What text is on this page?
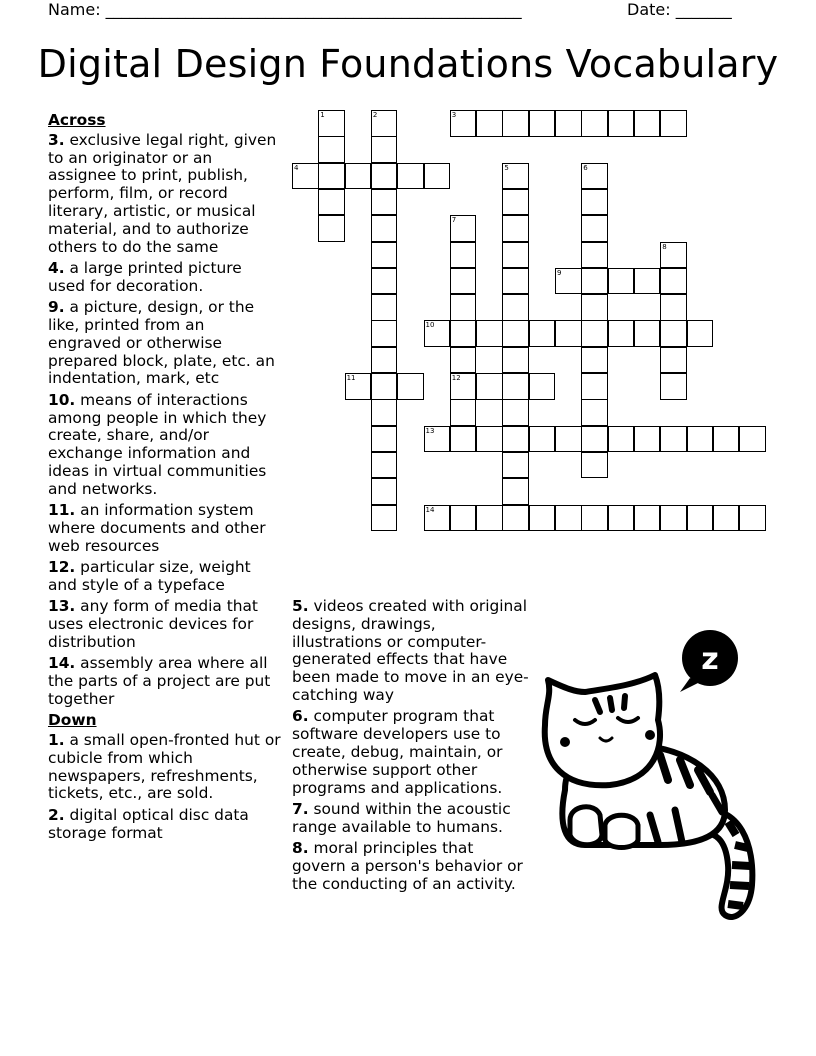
Name: ____________________________________________________	Date: _______
Digital Design Foundations Vocabulary
Across
3. exclusive legal right, given to an originator or an assignee to print, publish, perform, film, or record literary, artistic, or musical material, and to authorize others to do the same
4. a large printed picture used for decoration.
9. a picture, design, or the like, printed from an engraved or otherwise prepared block, plate, etc. an indentation, mark, etc
10. means of interactions among people in which they create, share, and/or exchange information and ideas in virtual communities and networks.
11. an information system where documents and other web resources
12. particular size, weight and style of a typeface
13. any form of media that uses electronic devices for distribution
14. assembly area where all the parts of a project are put together
Down
1. a small open-fronted hut or cubicle from which newspapers, refreshments, tickets, etc., are sold.
2. digital optical disc data storage format
5. videos created with original designs, drawings, illustrations or computer-generated effects that have been made to move in an eye-catching way
6. computer program that software developers use to create, debug, maintain, or otherwise support other programs and applications.
7. sound within the acoustic range available to humans.
8. moral principles that govern a person's behavior or the conducting of an activity.
1	2	3
4	5	6
7
12
8
9
10
11
13
14
z
